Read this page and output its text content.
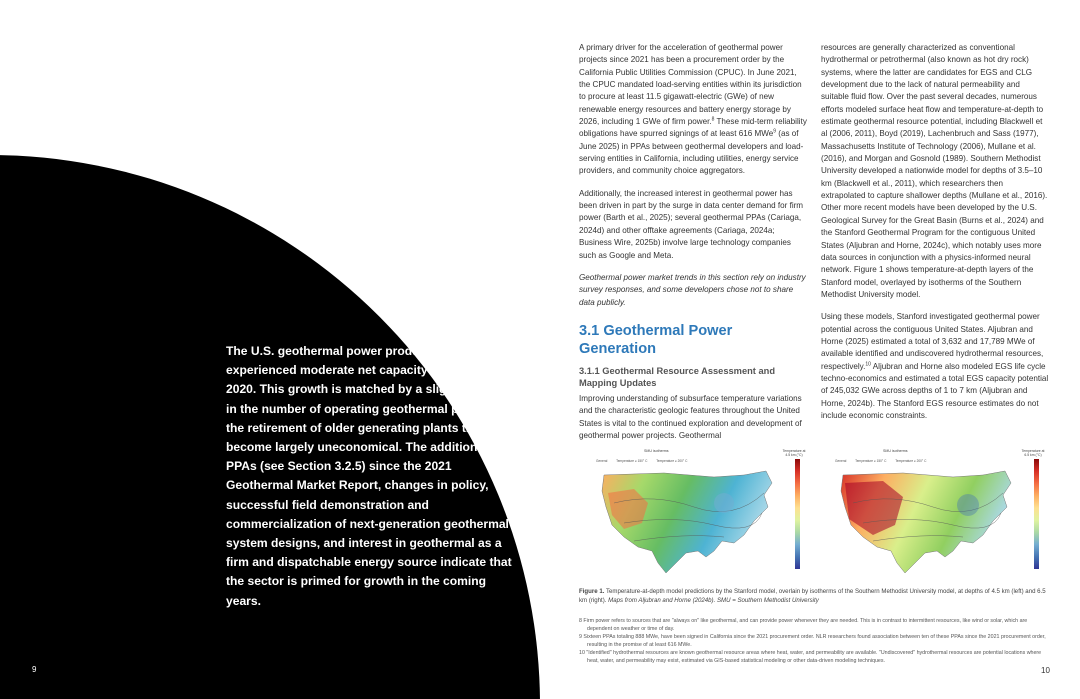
The U.S. geothermal power production market has experienced moderate net capacity growth since 2020. This growth is matched by a slight increase in the number of operating geothermal plants and the retirement of older generating plants that have become largely uneconomical. The addition of 26 PPAs (see Section 3.2.5) since the 2021 Geothermal Market Report, changes in policy, successful field demonstration and commercialization of next-generation geothermal system designs, and interest in geothermal as a firm and dispatchable energy source indicate that the sector is primed for growth in the coming years.
9

A primary driver for the acceleration of geothermal power projects since 2021 has been a procurement order by the California Public Utilities Commission (CPUC). In June 2021, the CPUC mandated load-serving entities within its jurisdiction to procure at least 11.5 gigawatt-electric (GWe) of new renewable energy resources and battery energy storage by 2026, including 1 GWe of firm power.$^8$ These mid-term reliability obligations have spurred signings of at least 616 MWe$^9$ (as of June 2025) in PPAs between geothermal developers and load-serving entities in California, including utilities, energy service providers, and community choice aggregators.

Additionally, the increased interest in geothermal power has been driven in part by the surge in data center demand for firm power (Barth et al., 2025); several geothermal PPAs (Cariaga, 2024d) and other offtake agreements (Cariaga, 2024a; Business Wire, 2025b) involve large technology companies such as Google and Meta.

Geothermal power market trends in this section rely on industry survey responses, and some developers chose not to share data publicly.

3.1 Geothermal Power Generation
3.1.1 Geothermal Resource Assessment and Mapping Updates

Improving understanding of subsurface temperature variations and the characteristic geologic features throughout the United States is vital to the continued exploration and development of geothermal power projects. Geothermal

resources are generally characterized as conventional hydrothermal or petrothermal (also known as hot dry rock) systems, where the latter are candidates for EGS and CLG development due to the lack of natural permeability and suitable fluid flow. Over the past several decades, numerous efforts modeled surface heat flow and temperature-at-depth to estimate geothermal resource potential, including Blackwell et al (2006, 2011), Boyd (2019), Lachenbruch and Sass (1977), Massachusetts Institute of Technology (2006), Mullane et al. (2016), and Morgan and Gosnold (1989). Southern Methodist University developed a nationwide model for depths of 3.5–10 km (Blackwell et al., 2011), which researchers then extrapolated to capture shallower depths (Mullane et al., 2016). Other more recent models have been developed by the U.S. Geological Survey for the Great Basin (Burns et al., 2024) and the Stanford Geothermal Program for the contiguous United States (Aljubran and Horne, 2024c), which notably uses more data sources in conjunction with a physics-informed neural network. Figure 1 shows temperature-at-depth layers of the Stanford model, overlayed by isotherms of the Southern Methodist University model.

Using these models, Stanford investigated geothermal power potential across the contiguous United States. Aljubran and Horne (2025) estimated a total of 3,632 and 17,789 MWe of available identified and undiscovered hydrothermal resources, respectively.$^{10}$ Aljubran and Horne also modeled EGS life cycle techno-economics and estimated a total EGS capacity potential of 245,032 GWe across depths of 1 to 7 km (Aljubran and Horne, 2024b). The Stanford EGS resource estimates do not include economic constraints.

SMU isotherms
General	Temperature ≥ 150° C	Temperature ≥ 200° C
Temperature at 4.5 km (°C)
SMU isotherms
General	Temperature ≥ 150° C	Temperature ≥ 200° C
Temperature at 6.5 km (°C)
Figure 1. Temperature-at-depth model predictions by the Stanford model, overlain by isotherms of the Southern Methodist University model, at depths of 4.5 km (left) and 6.5 km (right). Maps from Aljubran and Horne (2024b). SMU = Southern Methodist University
8 Firm power refers to sources that are "always on" like geothermal, and can provide power whenever they are needed. This is in contrast to intermittent resources, like wind or solar, which are dependent on weather or time of day.
9 Sixteen PPAs totaling 888 MWe, have been signed in California since the 2021 procurement order. NLR researchers found association between ten of these PPAs since the 2021 procurement order, resulting in the promise of at least 616 MWe.
10 "Identified" hydrothermal resources are known geothermal resource areas where heat, water, and permeability are available. "Undiscovered" hydrothermal resources are potential locations where heat, water, and permeability may exist, estimated via GIS-based statistical modeling or other data-driven modeling techniques.
10
